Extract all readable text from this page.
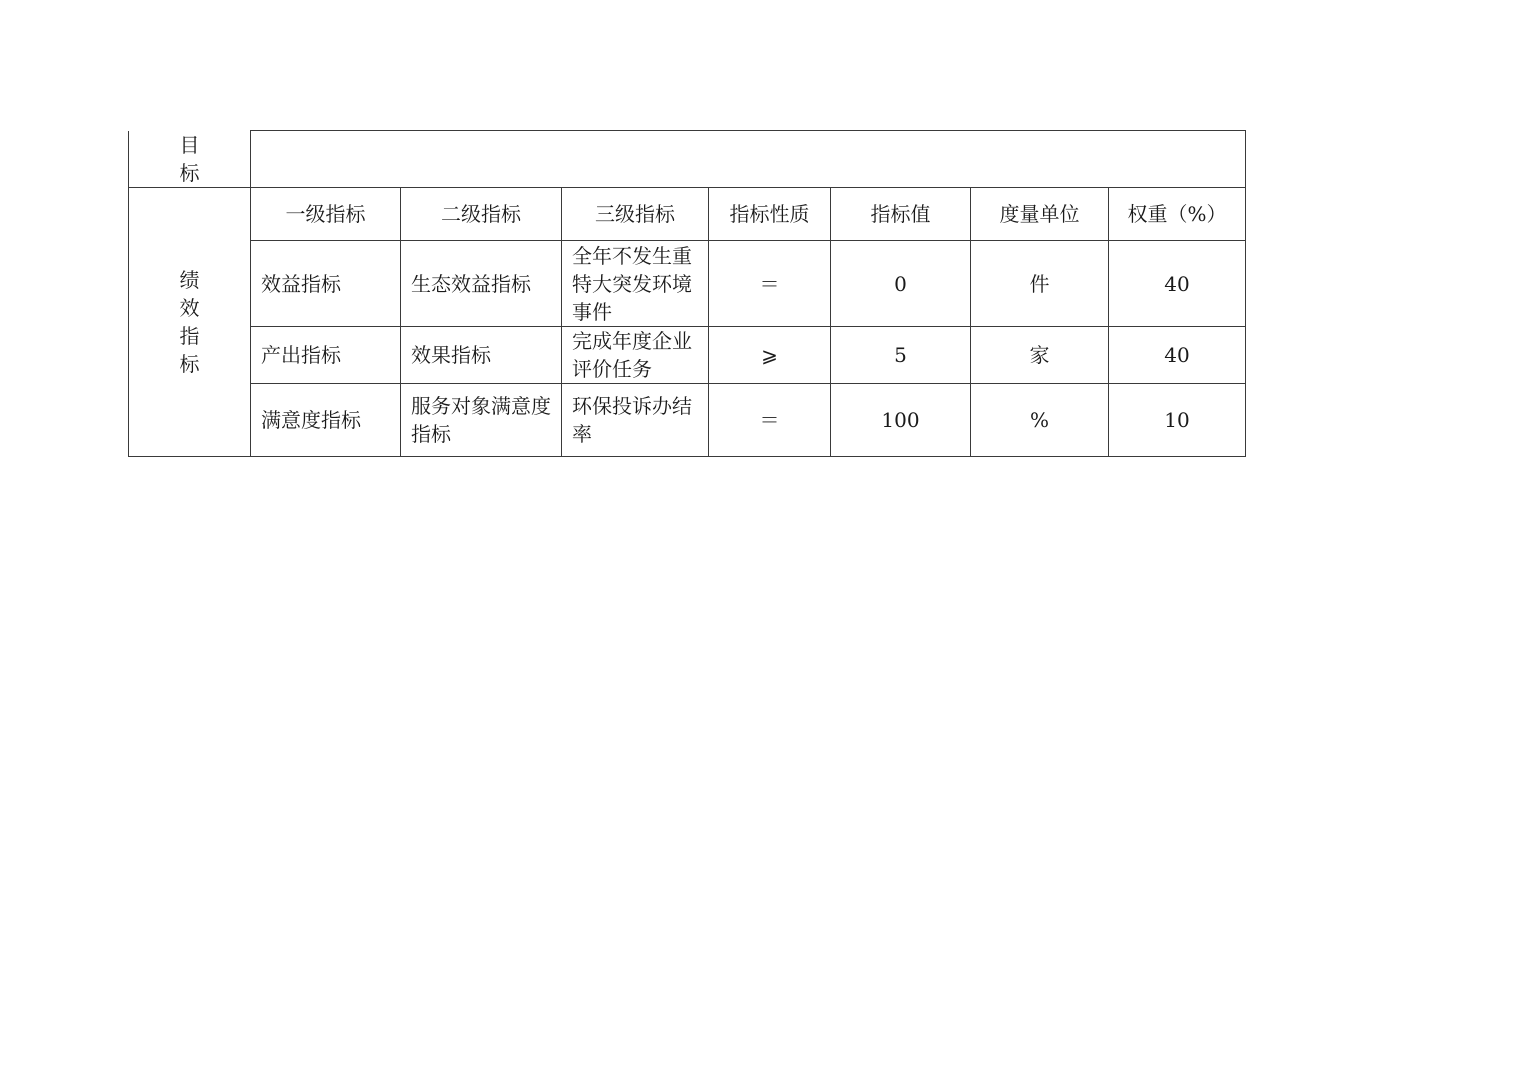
目标							
绩效指标	一级指标	二级指标	三级指标	指标性质	指标值	度量单位	权重（%）
	效益指标	生态效益指标	全年不发生重特大突发环境事件	＝	0	件	40
	产出指标	效果指标	完成年度企业评价任务	⩾	5	家	40
	满意度指标	服务对象满意度指标	环保投诉办结率	＝	100	%	10
